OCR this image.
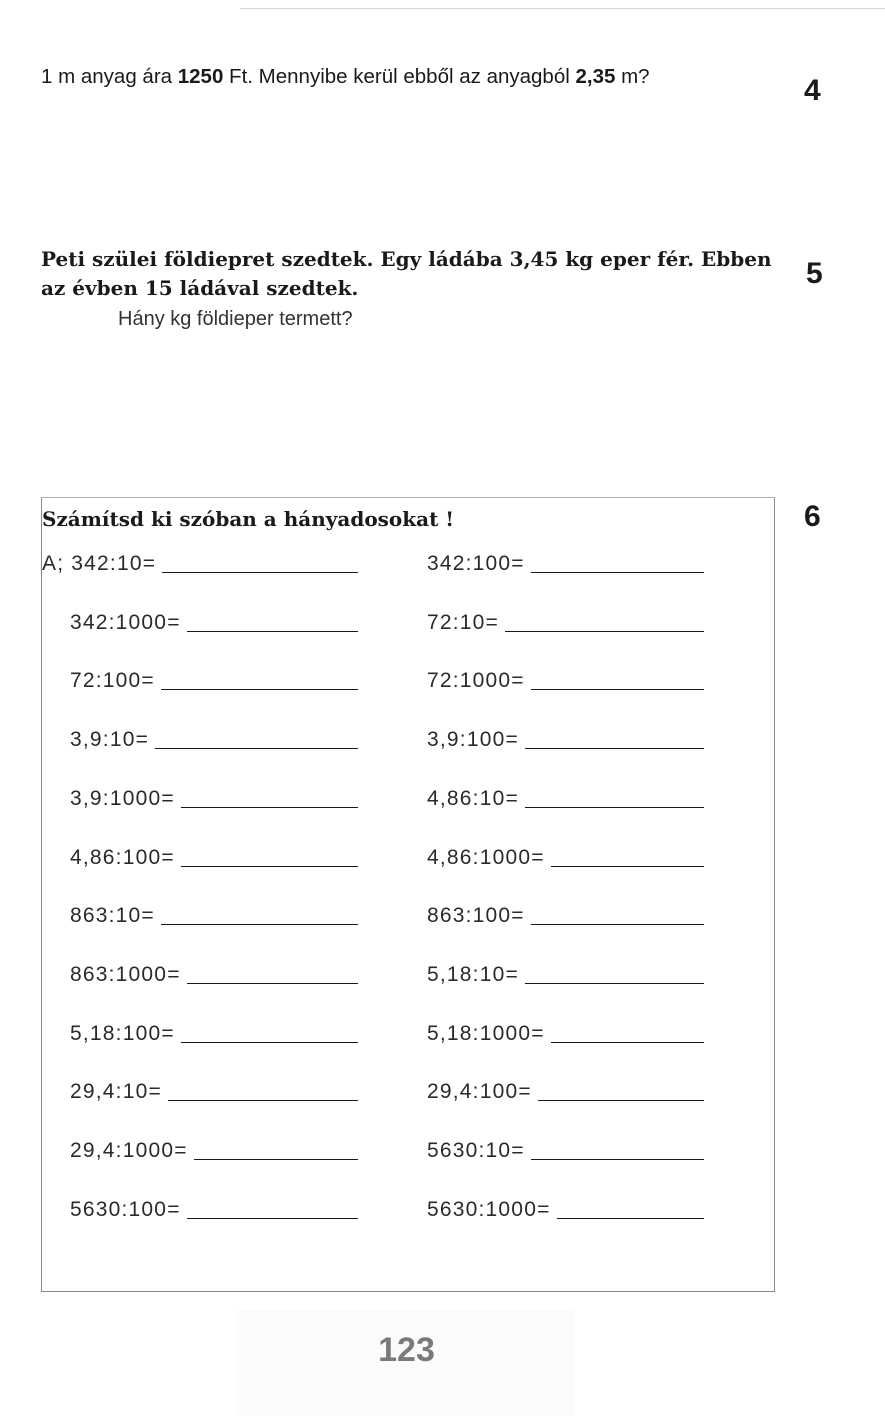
1 m anyag ára 1250 Ft. Mennyibe kerül ebből az anyagból 2,35 m?	4
Peti szülei földiepret szedtek. Egy ládába 3,45 kg eper fér. Ebben
az évben 15 ládával szedtek.
Hány kg földieper termett?
5
Számítsd ki szóban a hányadosokat !	6
A; 342:10=	342:100=
342:1000=	72:10=
72:100=	72:1000=
3,9:10=	3,9:100=
3,9:1000=	4,86:10=
4,86:100=	4,86:1000=
863:10=	863:100=
863:1000=	5,18:10=
5,18:100=	5,18:1000=
29,4:10=	29,4:100=
29,4:1000=	5630:10=
5630:100=	5630:1000=
123
